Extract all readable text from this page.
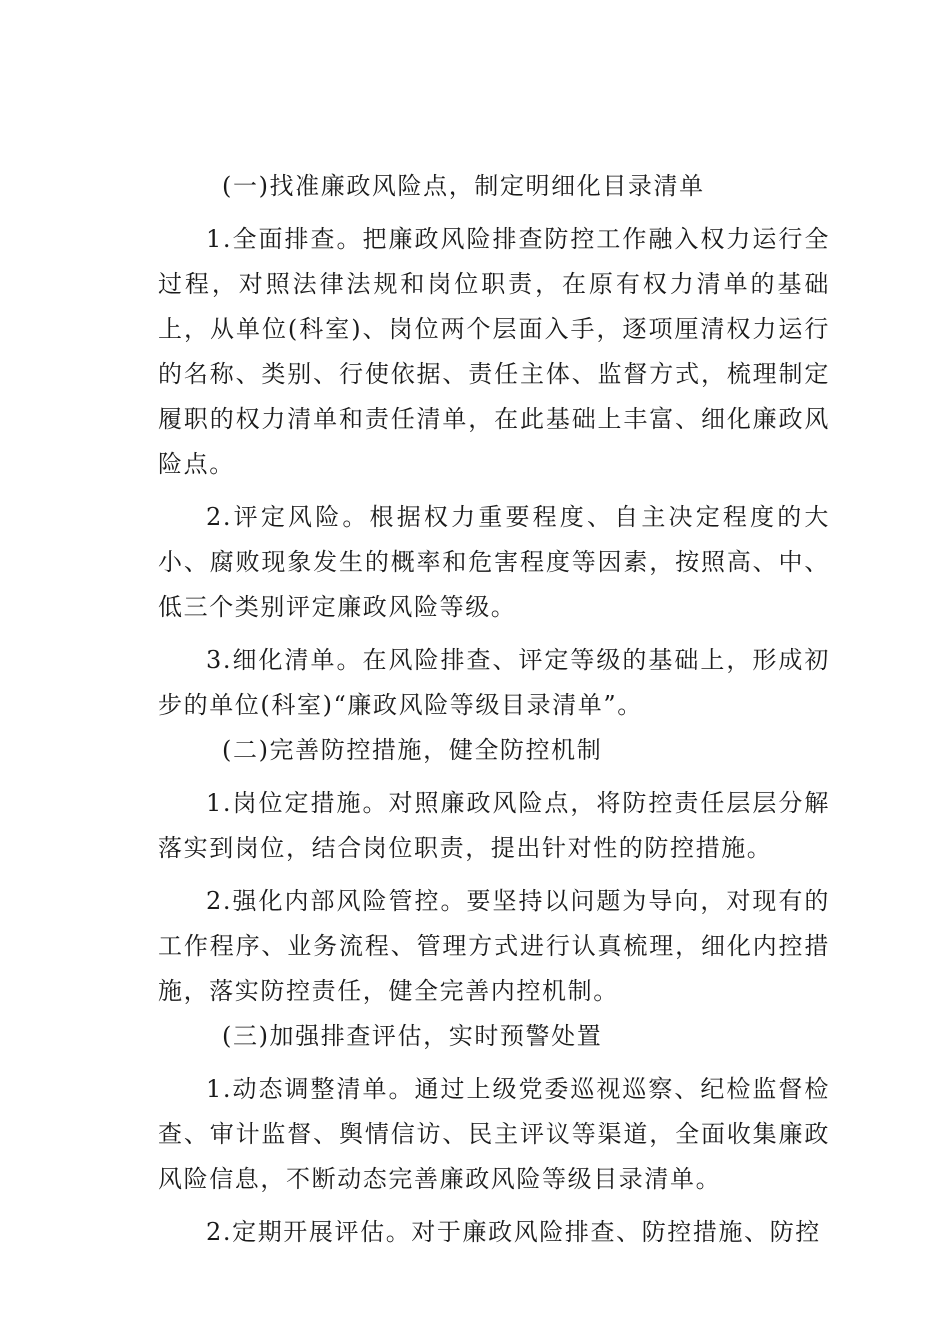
(一)找准廉政风险点，制定明细化目录清单

1.全面排查。把廉政风险排查防控工作融入权力运行全过程，对照法律法规和岗位职责，在原有权力清单的基础上，从单位(科室)、岗位两个层面入手，逐项厘清权力运行的名称、类别、行使依据、责任主体、监督方式，梳理制定履职的权力清单和责任清单，在此基础上丰富、细化廉政风险点。

2.评定风险。根据权力重要程度、自主决定程度的大小、腐败现象发生的概率和危害程度等因素，按照高、中、低三个类别评定廉政风险等级。

3.细化清单。在风险排查、评定等级的基础上，形成初步的单位(科室)“廉政风险等级目录清单”。

(二)完善防控措施，健全防控机制

1.岗位定措施。对照廉政风险点，将防控责任层层分解落实到岗位，结合岗位职责，提出针对性的防控措施。

2.强化内部风险管控。要坚持以问题为导向，对现有的工作程序、业务流程、管理方式进行认真梳理，细化内控措施，落实防控责任，健全完善内控机制。

(三)加强排查评估，实时预警处置

1.动态调整清单。通过上级党委巡视巡察、纪检监督检查、审计监督、舆情信访、民主评议等渠道，全面收集廉政风险信息，不断动态完善廉政风险等级目录清单。

2.定期开展评估。对于廉政风险排查、防控措施、防控
